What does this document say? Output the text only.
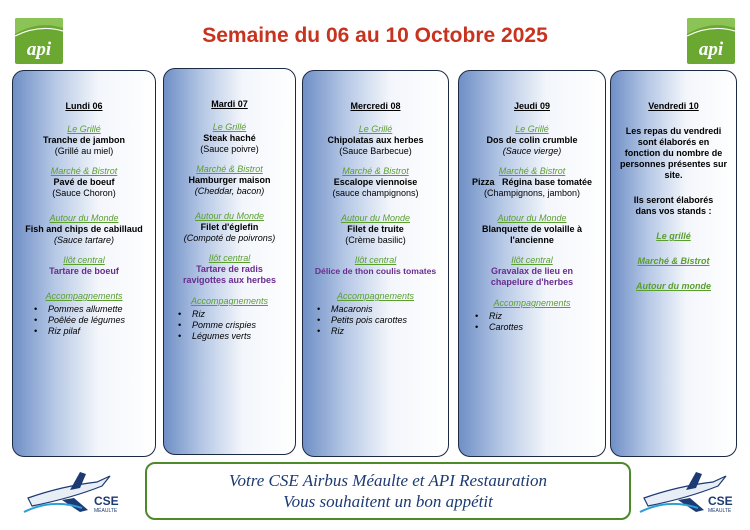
api	api
Semaine du 06 au 10 Octobre 2025
Lundi 06
Le Grillé
Tranche de jambon
(Grillé au miel)
Marché & Bistrot
Pavé de boeuf
(Sauce Choron)
Autour du Monde
Fish and chips de cabillaud
(Sauce tartare)
Ilôt central
Tartare de boeuf
Accompagnements
• Pommes allumette
• Poêlée de légumes
• Riz pilaf
Mardi 07
Le Grillé
Steak haché
(Sauce poivre)
Marché & Bistrot
Hamburger maison
(Cheddar, bacon)
Autour du Monde
Filet d'églefin
(Compoté de poivrons)
Ilôt central
Tartare de radis ravigottes aux herbes
Accompagnements
• Riz
• Pomme crispies
• Légumes verts
Mercredi 08
Le Grillé
Chipolatas aux herbes
(Sauce Barbecue)
Marché & Bistrot
Escalope viennoise
(sauce champignons)
Autour du Monde
Filet de truite
(Crème basilic)
Ilôt central
Délice de thon coulis tomates
Accompagnements
• Macaronis
• Petits pois carottes
• Riz
Jeudi 09
Le Grillé
Dos de colin crumble
(Sauce vierge)
Marché & Bistrot
Pizza   Régina base tomatée
(Champignons, jambon)
Autour du Monde
Blanquette de volaille à l'ancienne
Ilôt central
Gravalax de lieu en chapelure d'herbes
Accompagnements
• Riz
• Carottes
Vendredi 10
Les repas du vendredi sont élaborés en fonction du nombre de personnes présentes sur site.
Ils seront élaborés dans vos stands :
Le grillé
Marché & Bistrot
Autour du monde
CSE
MÉAULTE
CSE
MÉAULTE
Votre CSE Airbus Méaulte et API Restauration
Vous souhaitent un bon appétit
